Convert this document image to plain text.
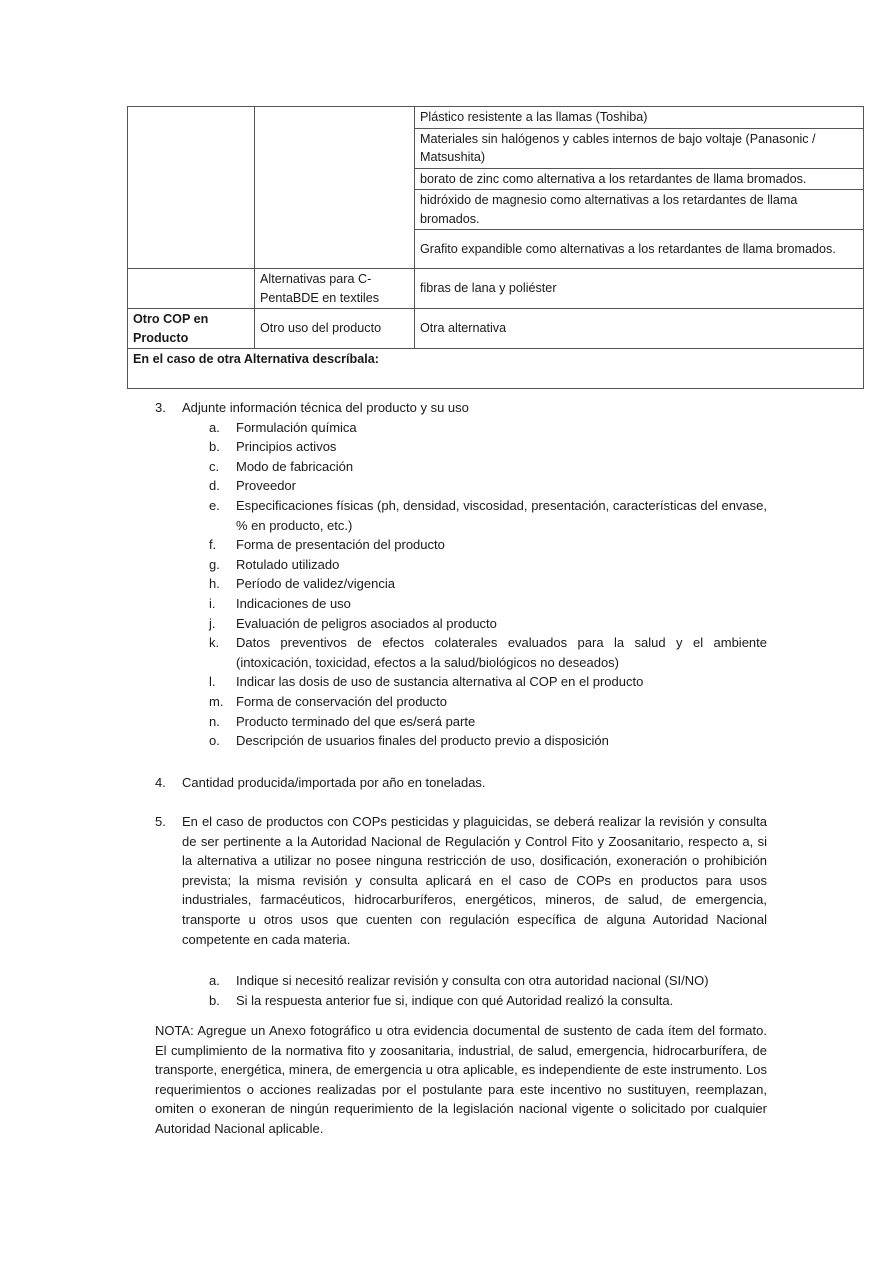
		Plástico resistente a las llamas (Toshiba)
		Materiales sin halógenos y cables internos de bajo voltaje (Panasonic / Matsushita)
		borato de zinc como alternativa a los retardantes de llama bromados.
		hidróxido de magnesio como alternativas a los retardantes de llama bromados.
		Grafito expandible como alternativas a los retardantes de llama bromados.
	Alternativas para C-PentaBDE en textiles	fibras de lana y poliéster
Otro COP en Producto	Otro uso del producto	Otra alternativa
En el caso de otra Alternativa descríbala:		
3. Adjunte información técnica del producto y su uso
a. Formulación química
b. Principios activos
c. Modo de fabricación
d. Proveedor
e. Especificaciones físicas (ph, densidad, viscosidad, presentación, características del envase, % en producto, etc.)
f. Forma de presentación del producto
g. Rotulado utilizado
h. Período de validez/vigencia
i. Indicaciones de uso
j. Evaluación de peligros asociados al producto
k. Datos preventivos de efectos colaterales evaluados para la salud y el ambiente (intoxicación, toxicidad, efectos a la salud/biológicos no deseados)
l. Indicar las dosis de uso de sustancia alternativa al COP en el producto
m. Forma de conservación del producto
n. Producto terminado del que es/será parte
o. Descripción de usuarios finales del producto previo a disposición
4. Cantidad producida/importada por año en toneladas.
5. En el caso de productos con COPs pesticidas y plaguicidas, se deberá realizar la revisión y consulta de ser pertinente a la Autoridad Nacional de Regulación y Control Fito y Zoosanitario, respecto a, si la alternativa a utilizar no posee ninguna restricción de uso, dosificación, exoneración o prohibición prevista; la misma revisión y consulta aplicará en el caso de COPs en productos para usos industriales, farmacéuticos, hidrocarburíferos, energéticos, mineros, de salud, de emergencia, transporte u otros usos que cuenten con regulación específica de alguna Autoridad Nacional competente en cada materia.
a. Indique si necesitó realizar revisión y consulta con otra autoridad nacional (SI/NO)
b. Si la respuesta anterior fue si, indique con qué Autoridad realizó la consulta.
NOTA: Agregue un Anexo fotográfico u otra evidencia documental de sustento de cada ítem del formato. El cumplimiento de la normativa fito y zoosanitaria, industrial, de salud, emergencia, hidrocarburífera, de transporte, energética, minera, de emergencia u otra aplicable, es independiente de este instrumento. Los requerimientos o acciones realizadas por el postulante para este incentivo no sustituyen, reemplazan, omiten o exoneran de ningún requerimiento de la legislación nacional vigente o solicitado por cualquier Autoridad Nacional aplicable.
